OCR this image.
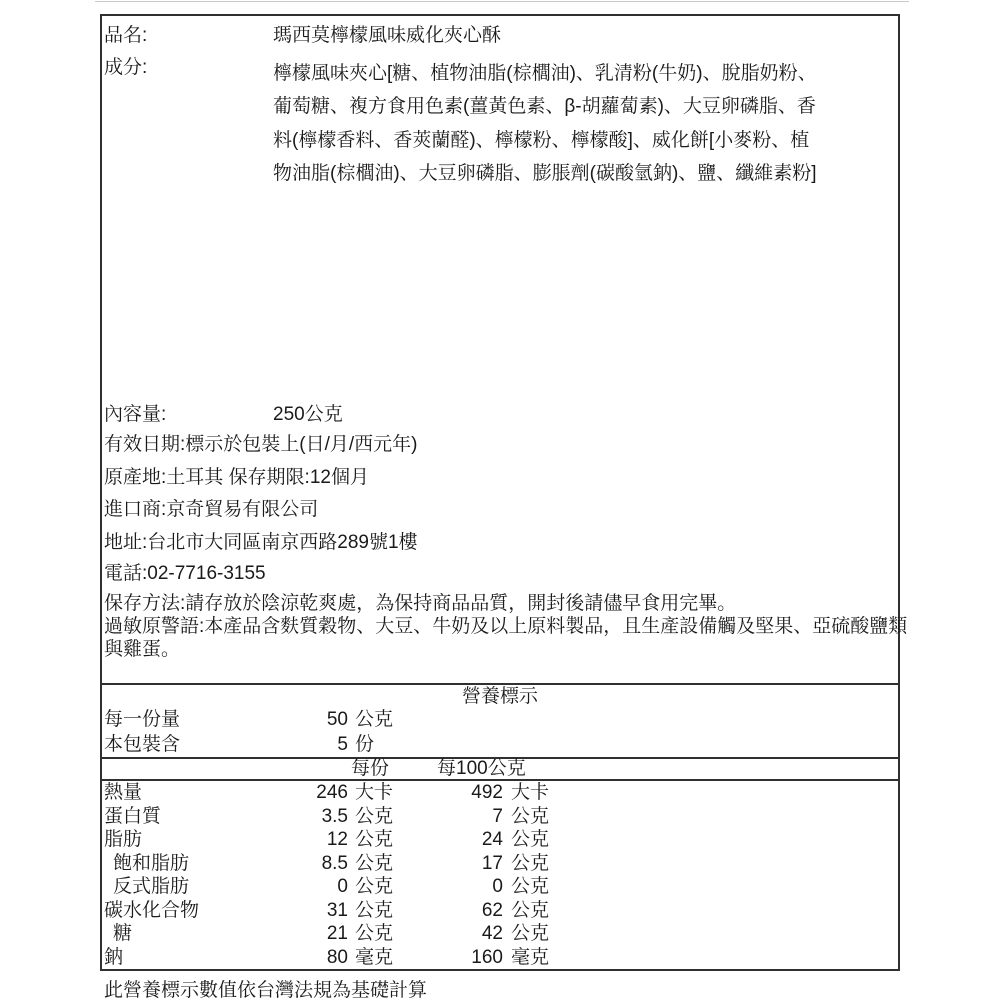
品名:	瑪西莫檸檬風味威化夾心酥
成分:	檸檬風味夾心[糖、植物油脂(棕櫚油)、乳清粉(牛奶)、脫脂奶粉、
葡萄糖、複方食用色素(薑黃色素、β-胡蘿蔔素)、大豆卵磷脂、香
料(檸檬香料、香莢蘭醛)、檸檬粉、檸檬酸]、威化餅[小麥粉、植
物油脂(棕櫚油)、大豆卵磷脂、膨脹劑(碳酸氫鈉)、鹽、纖維素粉]
內容量:	250公克
有效日期:標示於包裝上(日/月/西元年)
原產地:土耳其 保存期限:12個月
進口商:京奇貿易有限公司
地址:台北市大同區南京西路289號1樓
電話:02-7716-3155
保存方法:請存放於陰涼乾爽處，為保持商品品質，開封後請儘早食用完畢。
過敏原警語:本產品含麩質穀物、大豆、牛奶及以上原料製品，且生產設備觸及堅果、亞硫酸鹽類
與雞蛋。
營養標示
每一份量	50 公克
本包裝含	5 份
每份	每100公克
熱量	246 大卡	492 大卡
蛋白質	3.5 公克	7 公克
脂肪	12 公克	24 公克
飽和脂肪	8.5 公克	17 公克
反式脂肪	0 公克	0 公克
碳水化合物	31 公克	62 公克
糖	21 公克	42 公克
鈉	80 毫克	160 毫克
此營養標示數值依台灣法規為基礎計算
